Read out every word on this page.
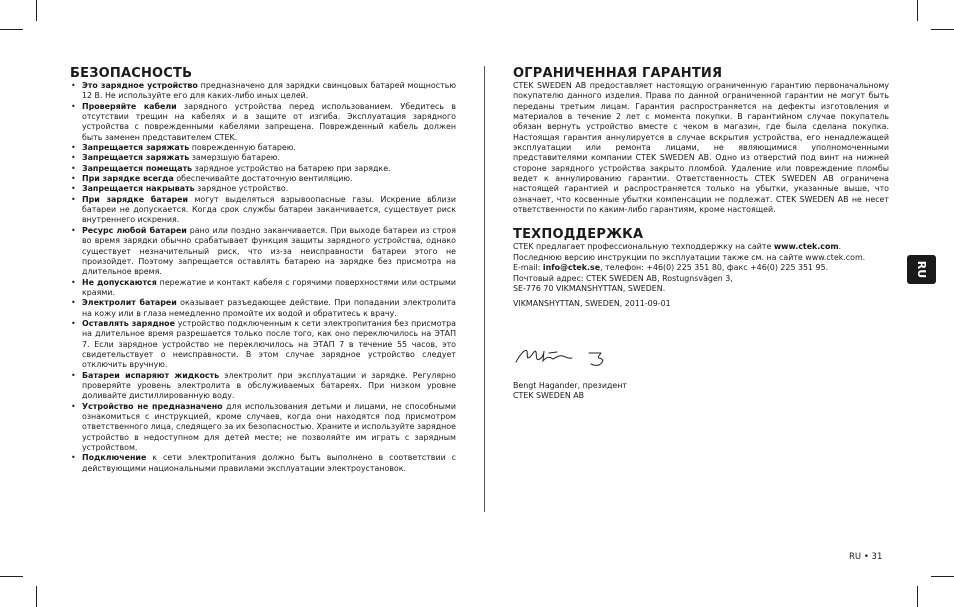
БЕЗОПАСНОСТЬ
• Это зарядное устройство предназначено для зарядки свинцовых батарей мощностью 12 В. Не используйте его для каких-либо иных целей.
• Проверяйте кабели зарядного устройства перед использованием. Убедитесь в отсутствии трещин на кабелях и в защите от изгиба. Эксплуатация зарядного устройства с поврежденными кабелями запрещена. Поврежденный кабель должен быть заменен представителем CTEK.
• Запрещается заряжать поврежденную батарею.
• Запрещается заряжать замерзшую батарею.
• Запрещается помещать зарядное устройство на батарею при зарядке.
• При зарядке всегда обеспечивайте достаточную вентиляцию.
• Запрещается накрывать зарядное устройство.
• При зарядке батареи могут выделяться взрывоопасные газы. Искрение вблизи батареи не допускается. Когда срок службы батареи заканчивается, существует риск внутреннего искрения.
• Ресурс любой батареи рано или поздно заканчивается. При выходе батареи из строя во время зарядки обычно срабатывает функция защиты зарядного устройства, однако существует незначительный риск, что из-за неисправности батареи этого не произойдет. Поэтому запрещается оставлять батарею на зарядке без присмотра на длительное время.
• Не допускаются пережатие и контакт кабеля с горячими поверхностями или острыми краями.
• Электролит батареи оказывает разъедающее действие. При попадании электролита на кожу или в глаза немедленно промойте их водой и обратитесь к врачу.
• Оставлять зарядное устройство подключенным к сети электропитания без присмотра на длительное время разрешается только после того, как оно переключилось на ЭТАП 7. Если зарядное устройство не переключилось на ЭТАП 7 в течение 55 часов, это свидетельствует о неисправности. В этом случае зарядное устройство следует отключить вручную.
• Батареи испаряют жидкость электролит при эксплуатации и зарядке. Регулярно проверяйте уровень электролита в обслуживаемых батареях. При низком уровне доливайте дистиллированную воду.
• Устройство не предназначено для использования детьми и лицами, не способными ознакомиться с инструкцией, кроме случаев, когда они находятся под присмотром ответственного лица, следящего за их безопасностью. Храните и используйте зарядное устройство в недоступном для детей месте; не позволяйте им играть с зарядным устройством.
• Подключение к сети электропитания должно быть выполнено в соответствии с действующими национальными правилами эксплуатации электроустановок.
ОГРАНИЧЕННАЯ ГАРАНТИЯ

CTEK SWEDEN AB предоставляет настоящую ограниченную гарантию первоначальному покупателю данного изделия. Права по данной ограниченной гарантии не могут быть переданы третьим лицам. Гарантия распространяется на дефекты изготовления и материалов в течение 2 лет с момента покупки. В гарантийном случае покупатель обязан вернуть устройство вместе с чеком в магазин, где была сделана покупка. Настоящая гарантия аннулируется в случае вскрытия устройства, его ненадлежащей эксплуатации или ремонта лицами, не являющимися уполномоченными представителями компании CTEK SWEDEN AB. Одно из отверстий под винт на нижней стороне зарядного устройства закрыто пломбой. Удаление или повреждение пломбы ведет к аннулированию гарантии. Ответственность CTEK SWEDEN AB ограничена настоящей гарантией и распространяется только на убытки, указанные выше, что означает, что косвенные убытки компенсации не подлежат. CTEK SWEDEN AB не несет ответственности по каким-либо гарантиям, кроме настоящей.

ТЕХПОДДЕРЖКА

CTEK предлагает профессиональную техподдержку на сайте www.ctek.com.

Последнюю версию инструкции по эксплуатации также см. на сайте www.ctek.com.

E-mail: info@ctek.se, телефон: +46(0) 225 351 80, факс +46(0) 225 351 95.

Почтовый адрес: CTEK SWEDEN AB, Rostugnsvägen 3,

SE-776 70 VIKMANSHYTTAN, SWEDEN.

VIKMANSHYTTAN, SWEDEN, 2011-09-01

Bengt Hagander, президент

CTEK SWEDEN AB

RU
RU • 31
